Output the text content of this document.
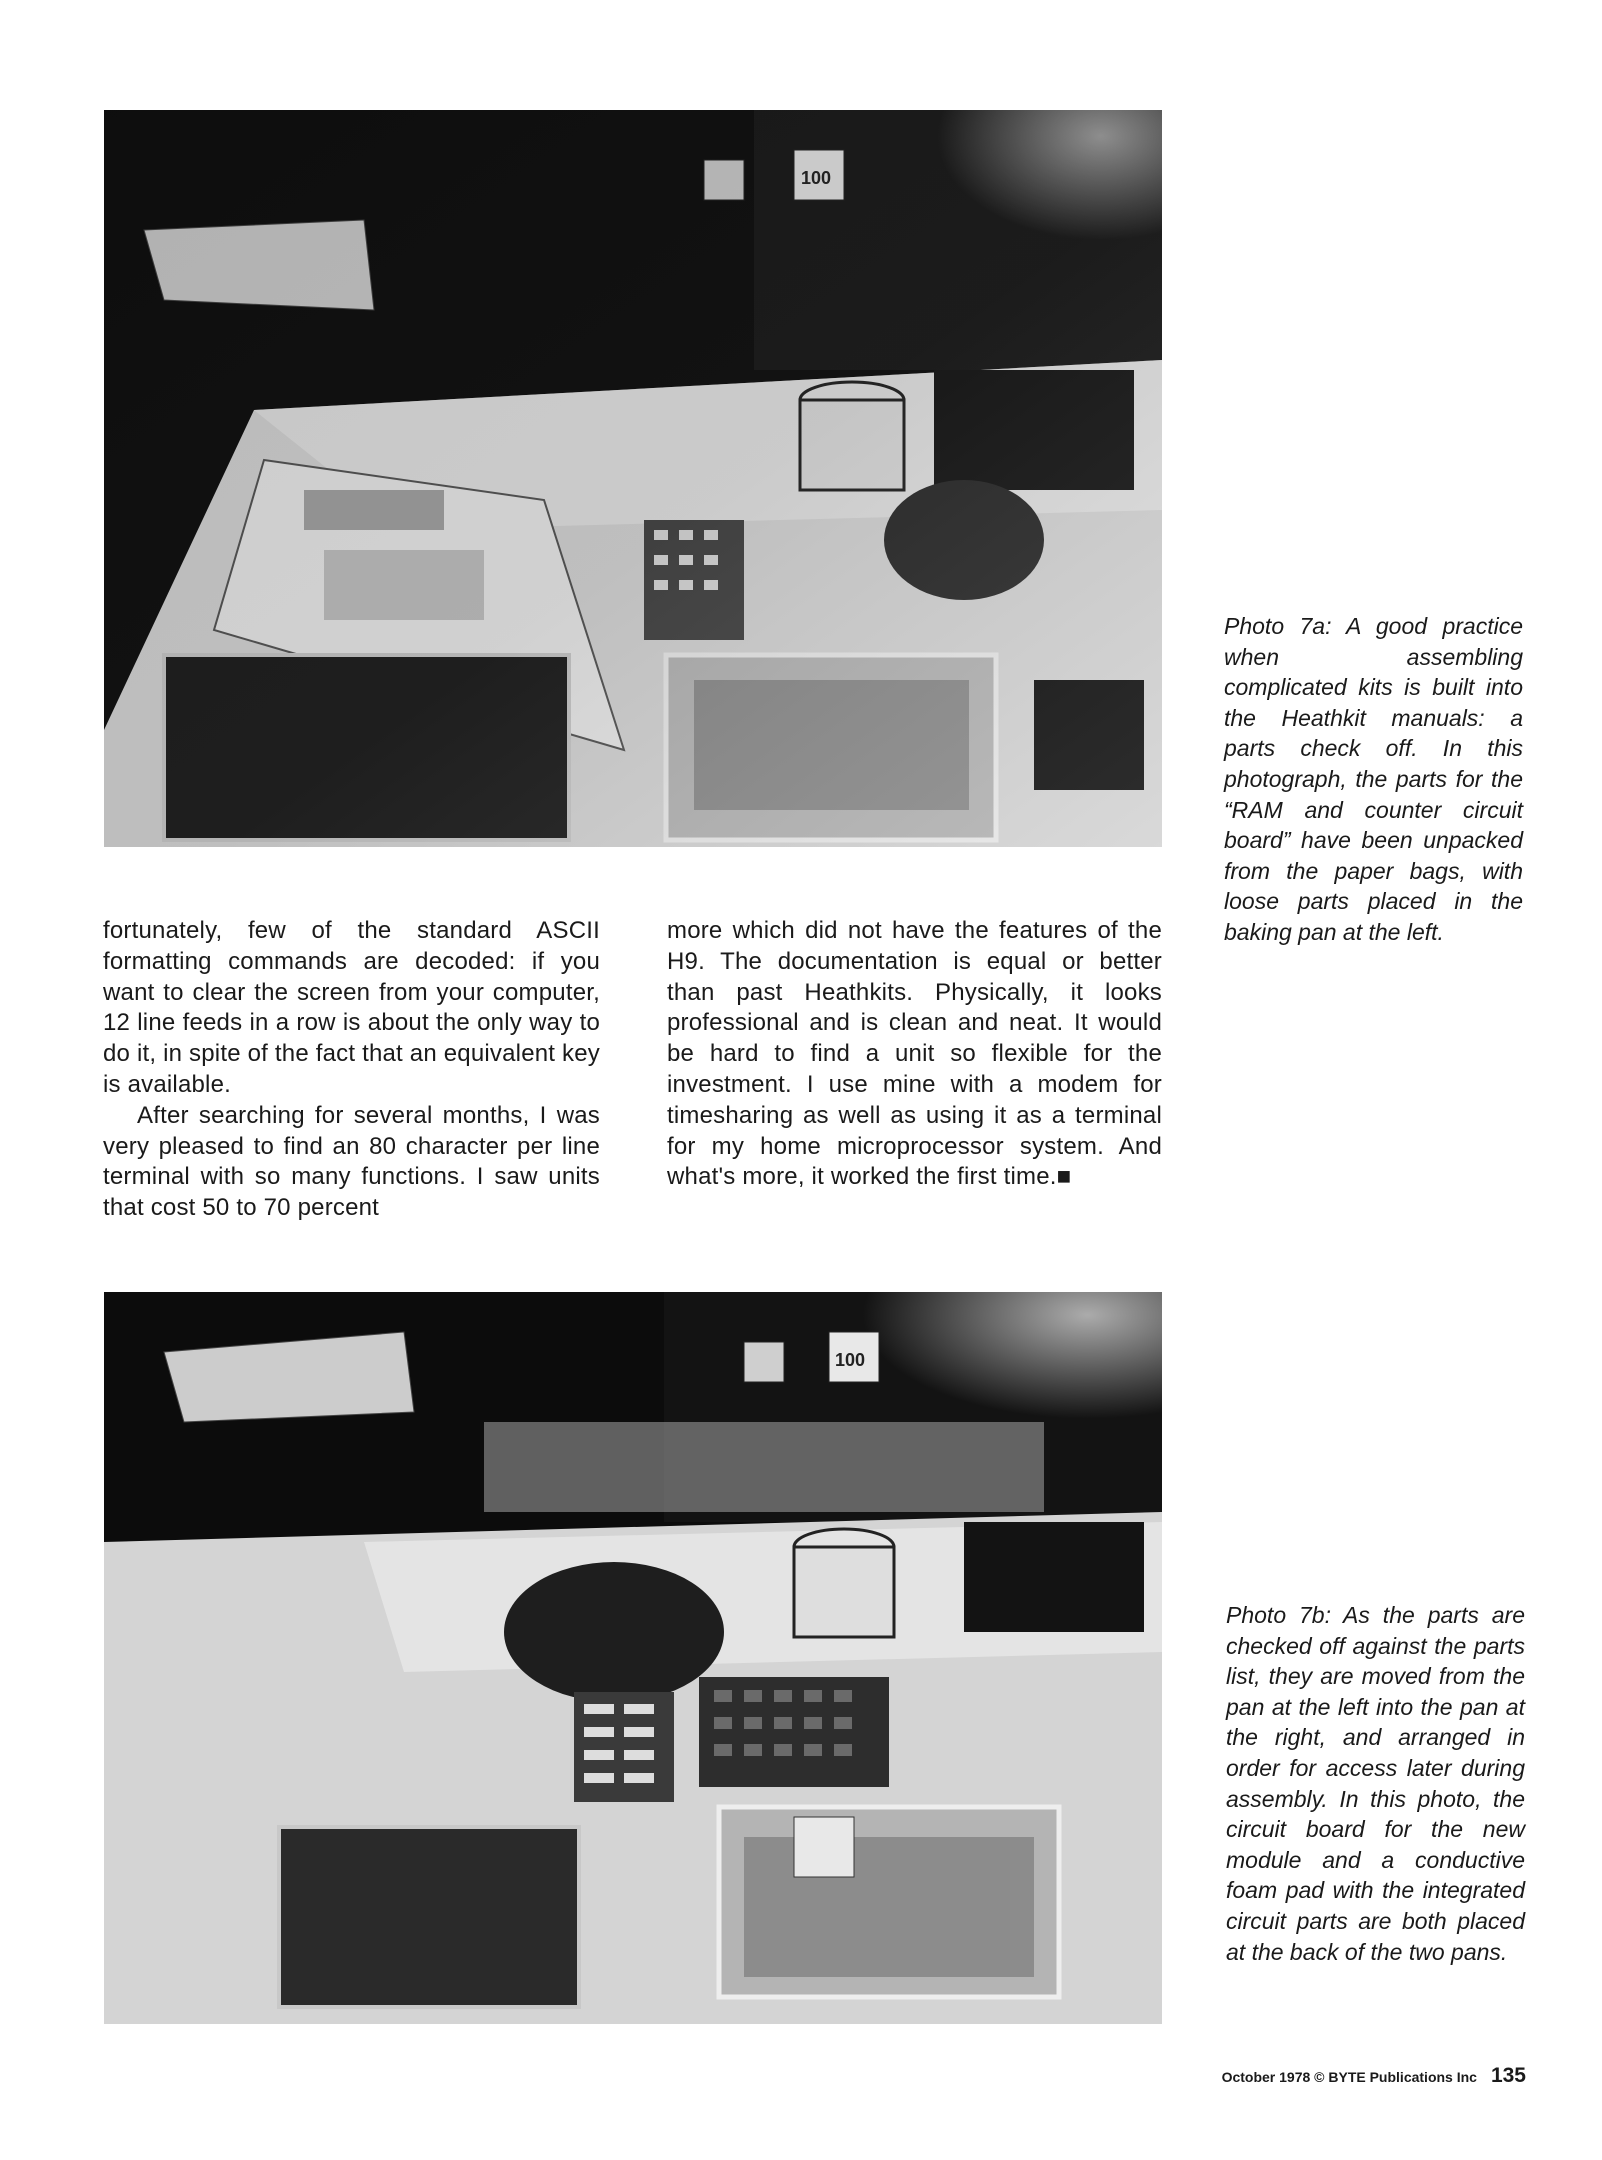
100
Photo 7a: A good practice when assembling complicated kits is built into the Heathkit manuals: a parts check off. In this photograph, the parts for the “RAM and counter circuit board” have been unpacked from the paper bags, with loose parts placed in the baking pan at the left.

fortunately, few of the standard ASCII formatting commands are decoded: if you want to clear the screen from your computer, 12 line feeds in a row is about the only way to do it, in spite of the fact that an equivalent key is available.

After searching for several months, I was very pleased to find an 80 character per line terminal with so many functions. I saw units that cost 50 to 70 percent

more which did not have the features of the H9. The documentation is equal or better than past Heathkits. Physically, it looks professional and is clean and neat. It would be hard to find a unit so flexible for the investment. I use mine with a modem for timesharing as well as using it as a terminal for my home microprocessor system. And what's more, it worked the first time.■

100
Photo 7b: As the parts are checked off against the parts list, they are moved from the pan at the left into the pan at the right, and arranged in order for access later during assembly. In this photo, the circuit board for the new module and a conductive foam pad with the integrated circuit parts are both placed at the back of the two pans.
October 1978 © BYTE Publications Inc 135
